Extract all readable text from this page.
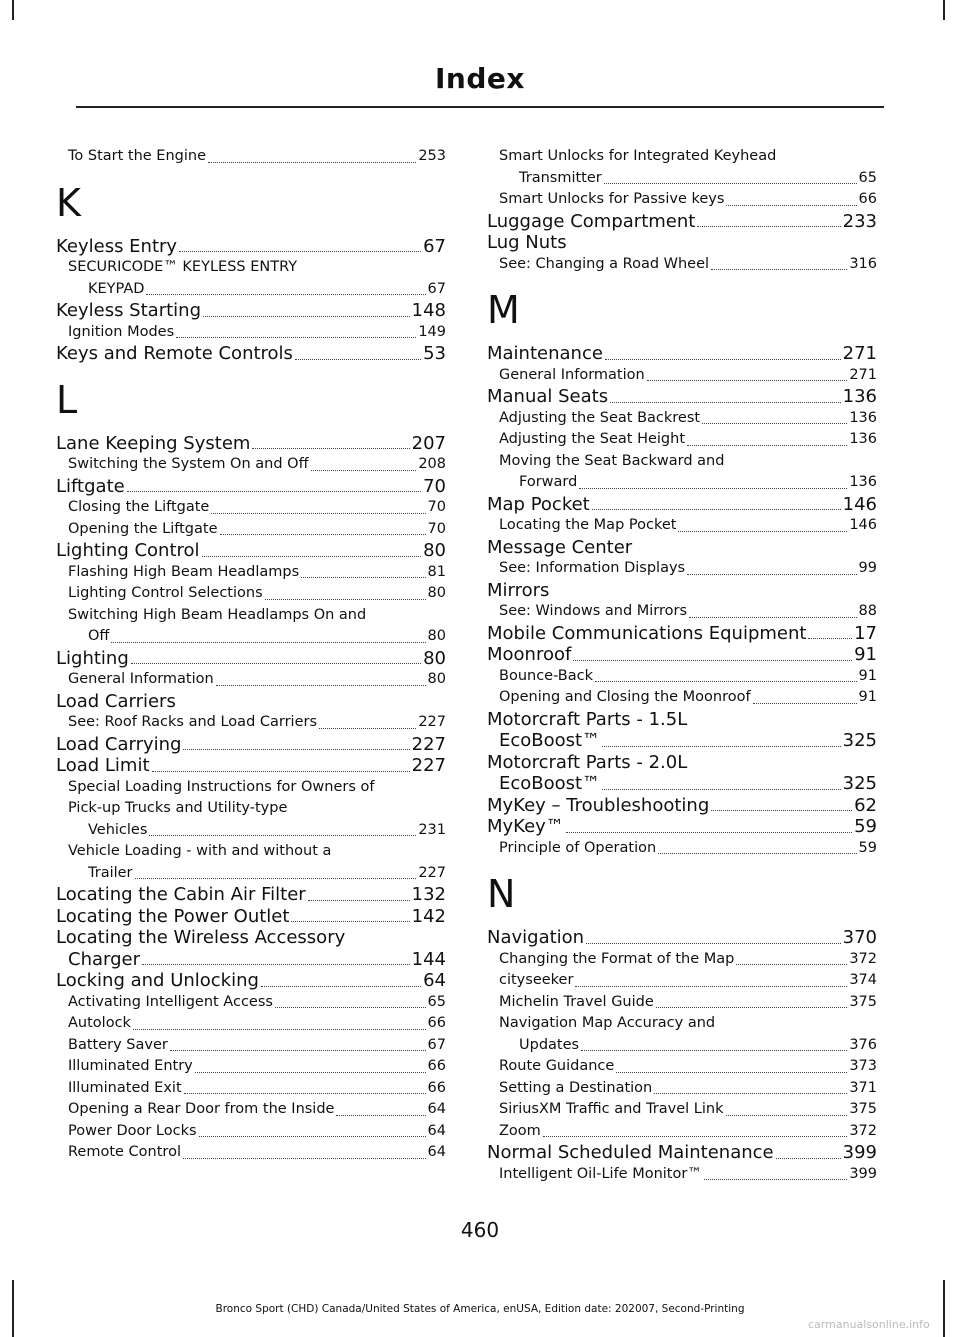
Index
To Start the Engine	253
K
Keyless Entry	67
SECURICODE™ KEYLESS ENTRY
KEYPAD	67
Keyless Starting	148
Ignition Modes	149
Keys and Remote Controls	53
L
Lane Keeping System	207
Switching the System On and Off	208
Liftgate	70
Closing the Liftgate	70
Opening the Liftgate	70
Lighting Control	80
Flashing High Beam Headlamps	81
Lighting Control Selections	80
Switching High Beam Headlamps On and
Off	80
Lighting	80
General Information	80
Load Carriers
See: Roof Racks and Load Carriers	227
Load Carrying	227
Load Limit	227
Special Loading Instructions for Owners of
Pick-up Trucks and Utility-type
Vehicles	231
Vehicle Loading - with and without a
Trailer	227
Locating the Cabin Air Filter	132
Locating the Power Outlet	142
Locating the Wireless Accessory
Charger	144
Locking and Unlocking	64
Activating Intelligent Access	65
Autolock	66
Battery Saver	67
Illuminated Entry	66
Illuminated Exit	66
Opening a Rear Door from the Inside	64
Power Door Locks	64
Remote Control	64
Smart Unlocks for Integrated Keyhead
Transmitter	65
Smart Unlocks for Passive keys	66
Luggage Compartment	233
Lug Nuts
See: Changing a Road Wheel	316
M
Maintenance	271
General Information	271
Manual Seats	136
Adjusting the Seat Backrest	136
Adjusting the Seat Height	136
Moving the Seat Backward and
Forward	136
Map Pocket	146
Locating the Map Pocket	146
Message Center
See: Information Displays	99
Mirrors
See: Windows and Mirrors	88
Mobile Communications Equipment	17
Moonroof	91
Bounce-Back	91
Opening and Closing the Moonroof	91
Motorcraft Parts - 1.5L
EcoBoost™	325
Motorcraft Parts - 2.0L
EcoBoost™	325
MyKey – Troubleshooting	62
MyKey™	59
Principle of Operation	59
N
Navigation	370
Changing the Format of the Map	372
cityseeker	374
Michelin Travel Guide	375
Navigation Map Accuracy and
Updates	376
Route Guidance	373
Setting a Destination	371
SiriusXM Traffic and Travel Link	375
Zoom	372
Normal Scheduled Maintenance	399
Intelligent Oil-Life Monitor™	399
460
Bronco Sport (CHD) Canada/United States of America, enUSA, Edition date: 202007, Second-Printing
carmanualsonline.info
